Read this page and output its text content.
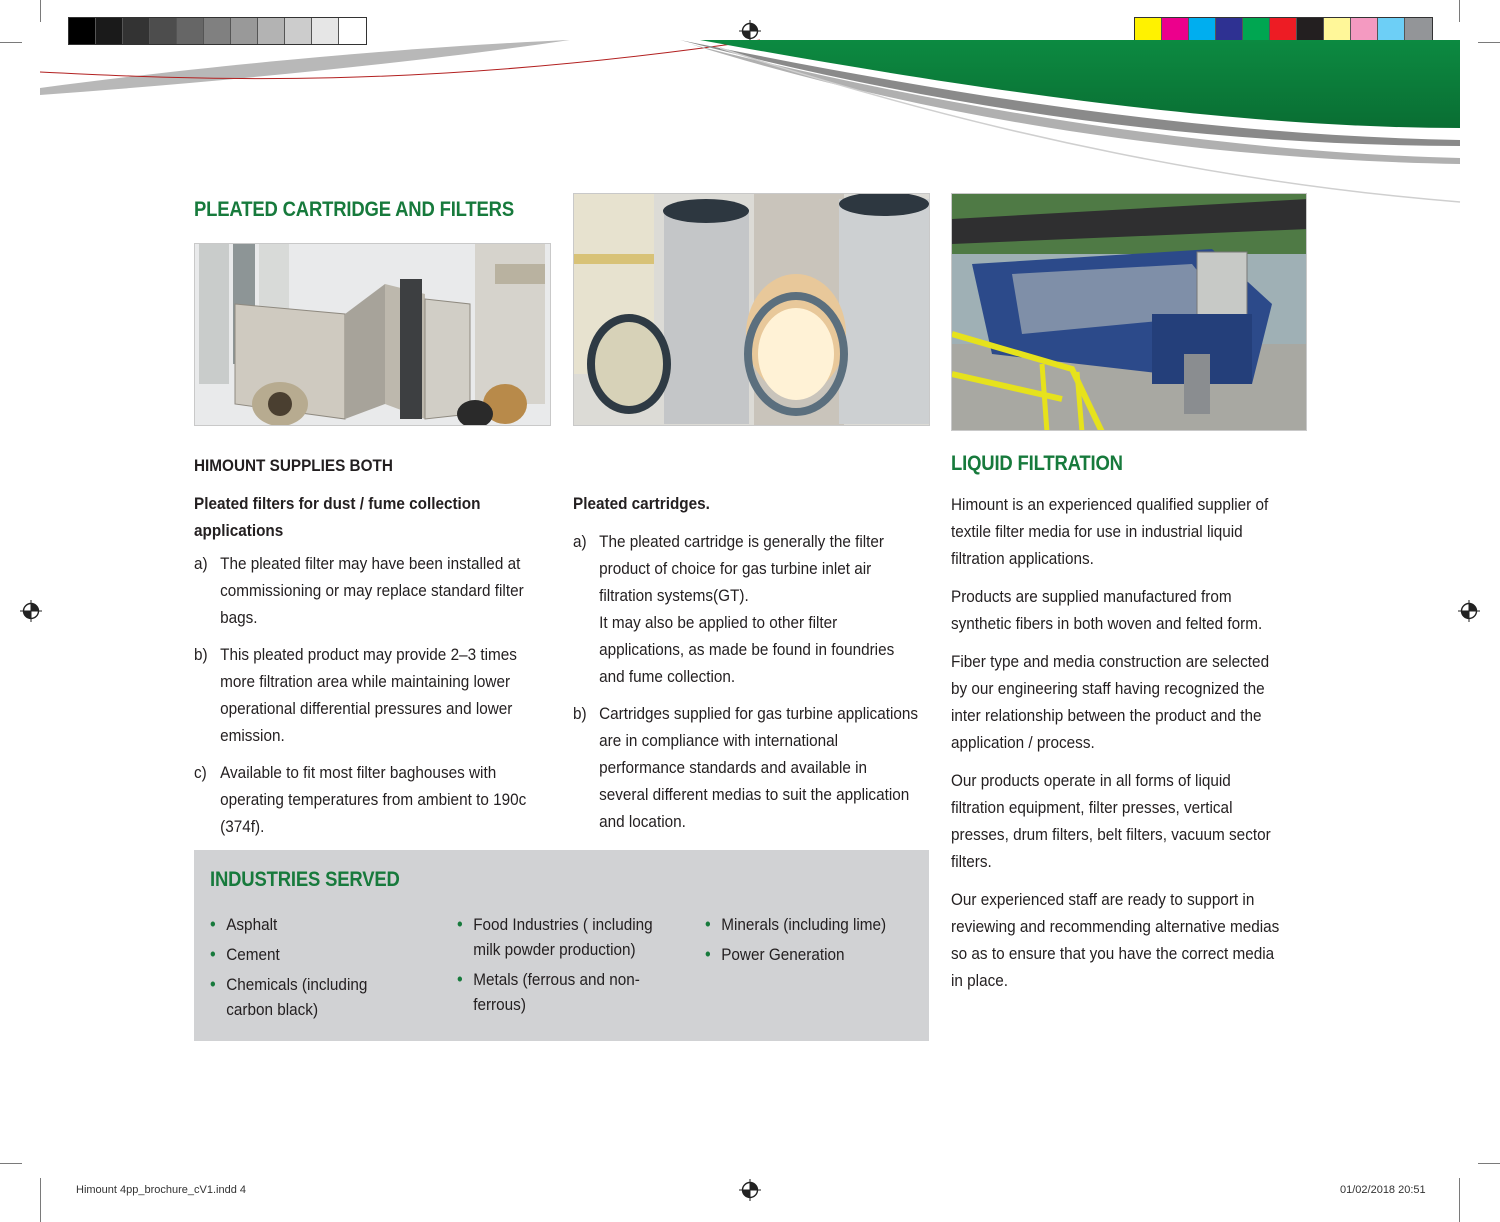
PLEATED CARTRIDGE AND FILTERS
HIMOUNT SUPPLIES BOTH
Pleated filters for dust / fume collection applications
a) The pleated filter may have been installed at commissioning or may replace standard filter bags.
b) This pleated product may provide 2–3 times more filtration area while maintaining lower operational differential pressures and lower emission.
c) Available to fit most filter baghouses with operating temperatures from ambient to 190c (374f).
Pleated cartridges.
a) The pleated cartridge is generally the filter product of choice for gas turbine inlet air filtration systems(GT).
It may also be applied to other filter applications, as made be found in foundries and fume collection.
b) Cartridges supplied for gas turbine applications are in compliance with international performance standards and available in several different medias to suit the application and location.
LIQUID FILTRATION
Himount is an experienced qualified supplier of textile filter media for use in industrial liquid filtration applications.
Products are supplied manufactured from synthetic fibers in both woven and felted form.
Fiber type and media construction are selected by our engineering staff having recognized the inter relationship between the product and the application / process.
Our products operate in all forms of liquid filtration equipment, filter presses, vertical presses, drum filters, belt filters, vacuum sector filters.
Our experienced staff are ready to support in reviewing and recommending alternative medias so as to ensure that you have the correct media in place.
INDUSTRIES SERVED
• Asphalt
• Cement
• Chemicals (including carbon black)
• Food Industries ( including milk powder production)
• Metals (ferrous and non-ferrous)
• Minerals (including lime)
• Power Generation
Himount 4pp_brochure_cV1.indd 4	01/02/2018 20:51
